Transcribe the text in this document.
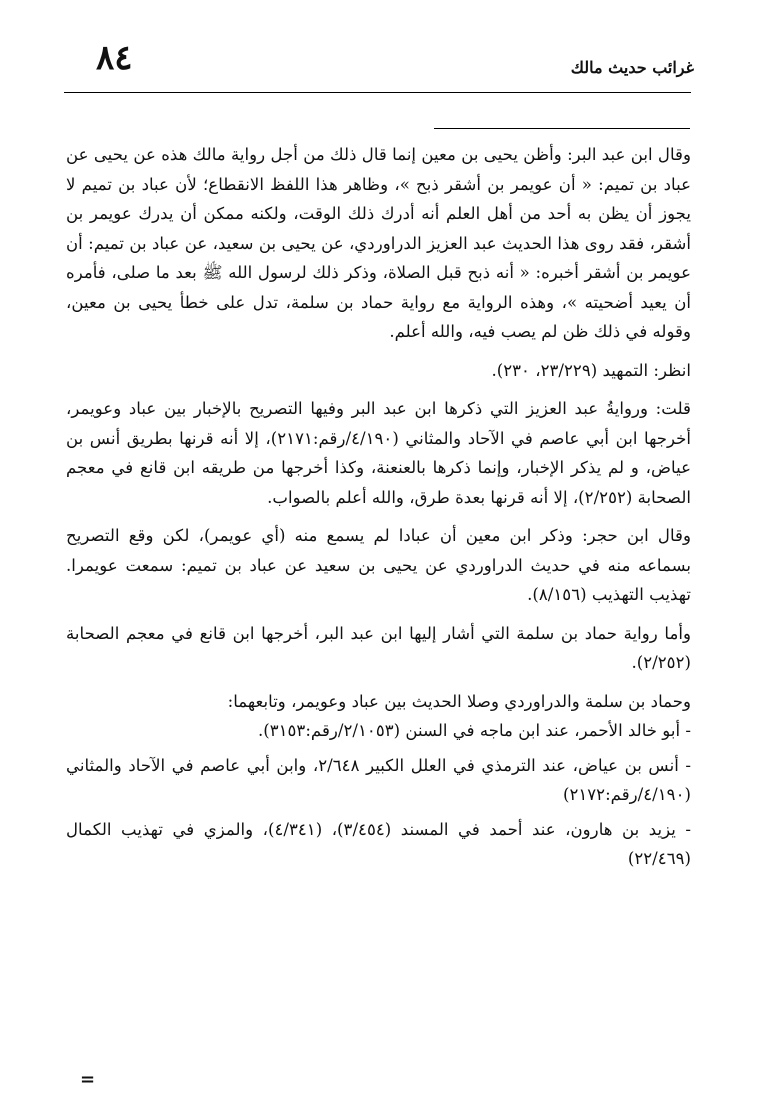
٨٤	غرائب حديث مالك

وقال ابن عبد البر: وأظن يحيى بن معين إنما قال ذلك من أجل رواية مالك هذه عن يحيى عن عباد بن تميم: « أن عويمر بن أشقر ذبح »، وظاهر هذا اللفظ الانقطاع؛ لأن عباد بن تميم لا يجوز أن يظن به أحد من أهل العلم أنه أدرك ذلك الوقت، ولكنه ممكن أن يدرك عويمر بن أشقر، فقد روى هذا الحديث عبد العزيز الدراوردي، عن يحيى بن سعيد، عن عباد بن تميم: أن عويمر بن أشقر أخبره: « أنه ذبح قبل الصلاة، وذكر ذلك لرسول الله ﷺ بعد ما صلى، فأمره أن يعيد أضحيته »، وهذه الرواية مع رواية حماد بن سلمة، تدل على خطأ يحيى بن معين، وقوله في ذلك ظن لم يصب فيه، والله أعلم.

انظر: التمهيد (٢٣/٢٢٩، ٢٣٠).

قلت: وروايةُ عبد العزيز التي ذكرها ابن عبد البر وفيها التصريح بالإخبار بين عباد وعويمر، أخرجها ابن أبي عاصم في الآحاد والمثاني (٤/١٩٠/رقم:٢١٧١)، إلا أنه قرنها بطريق أنس بن عياض، و لم يذكر الإخبار، وإنما ذكرها بالعنعنة، وكذا أخرجها من طريقه ابن قانع في معجم الصحابة (٢/٢٥٢)، إلا أنه قرنها بعدة طرق، والله أعلم بالصواب.

وقال ابن حجر: وذكر ابن معين أن عبادا لم يسمع منه (أي عويمر)، لكن وقع التصريح بسماعه منه في حديث الدراوردي عن يحيى بن سعيد عن عباد بن تميم: سمعت عويمرا. تهذيب التهذيب (٨/١٥٦).

وأما رواية حماد بن سلمة التي أشار إليها ابن عبد البر، أخرجها ابن قانع في معجم الصحابة (٢/٢٥٢).

وحماد بن سلمة والدراوردي وصلا الحديث بين عباد وعويمر، وتابعهما:

- أبو خالد الأحمر، عند ابن ماجه في السنن (٢/١٠٥٣/رقم:٣١٥٣).

- أنس بن عياض، عند الترمذي في العلل الكبير ٢/٦٤٨، وابن أبي عاصم في الآحاد والمثاني (٤/١٩٠/رقم:٢١٧٢)

- يزيد بن هارون، عند أحمد في المسند (٣/٤٥٤)، (٤/٣٤١)، والمزي في تهذيب الكمال (٢٢/٤٦٩)

=
